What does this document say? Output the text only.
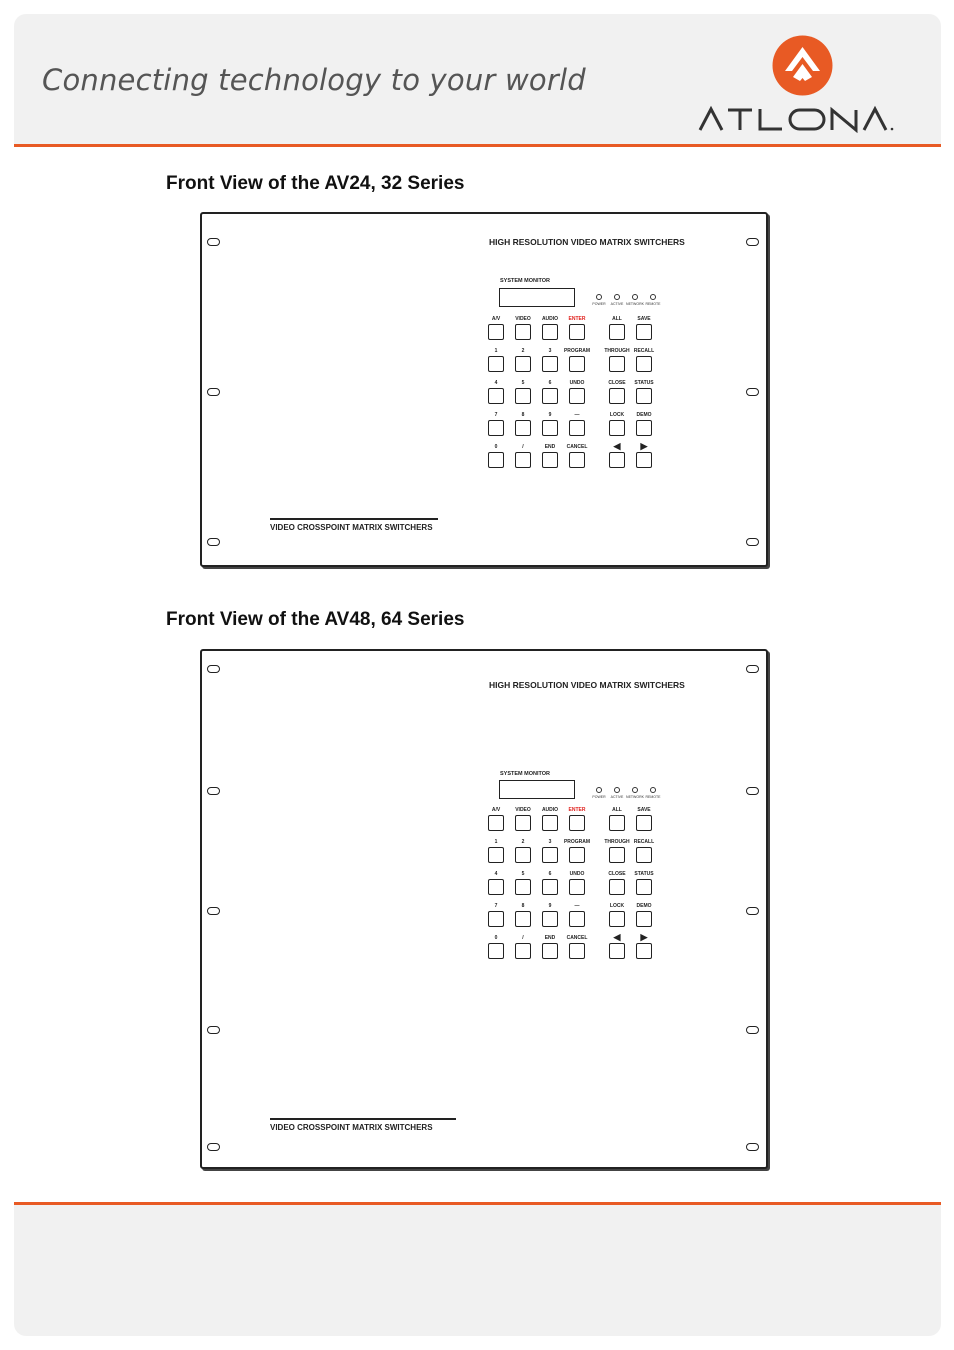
Connecting technology to your world
Front View of the AV24, 32 Series
HIGH RESOLUTION VIDEO MATRIX SWITCHERS
SYSTEM MONITOR
POWER ACTIVE NETWORK REMOTE
A/V	VIDEO AUDIO ENTER
1	2	3	PROGRAM
4	5	6	UNDO
7	8	9	—
0	/	END CANCEL
ALL	SAVE
THROUGH RECALL
CLOSE STATUS
LOCK DEMO
◀ ▶
VIDEO CROSSPOINT MATRIX SWITCHERS
Front View of the AV48, 64 Series
HIGH RESOLUTION VIDEO MATRIX SWITCHERS
SYSTEM MONITOR
POWER ACTIVE NETWORK REMOTE
A/V	VIDEO AUDIO ENTER
1	2	3	PROGRAM
4	5	6	UNDO
7	8	9	—
0	/	END CANCEL
ALL	SAVE
THROUGH RECALL
CLOSE STATUS
LOCK DEMO
◀ ▶
VIDEO CROSSPOINT MATRIX SWITCHERS
